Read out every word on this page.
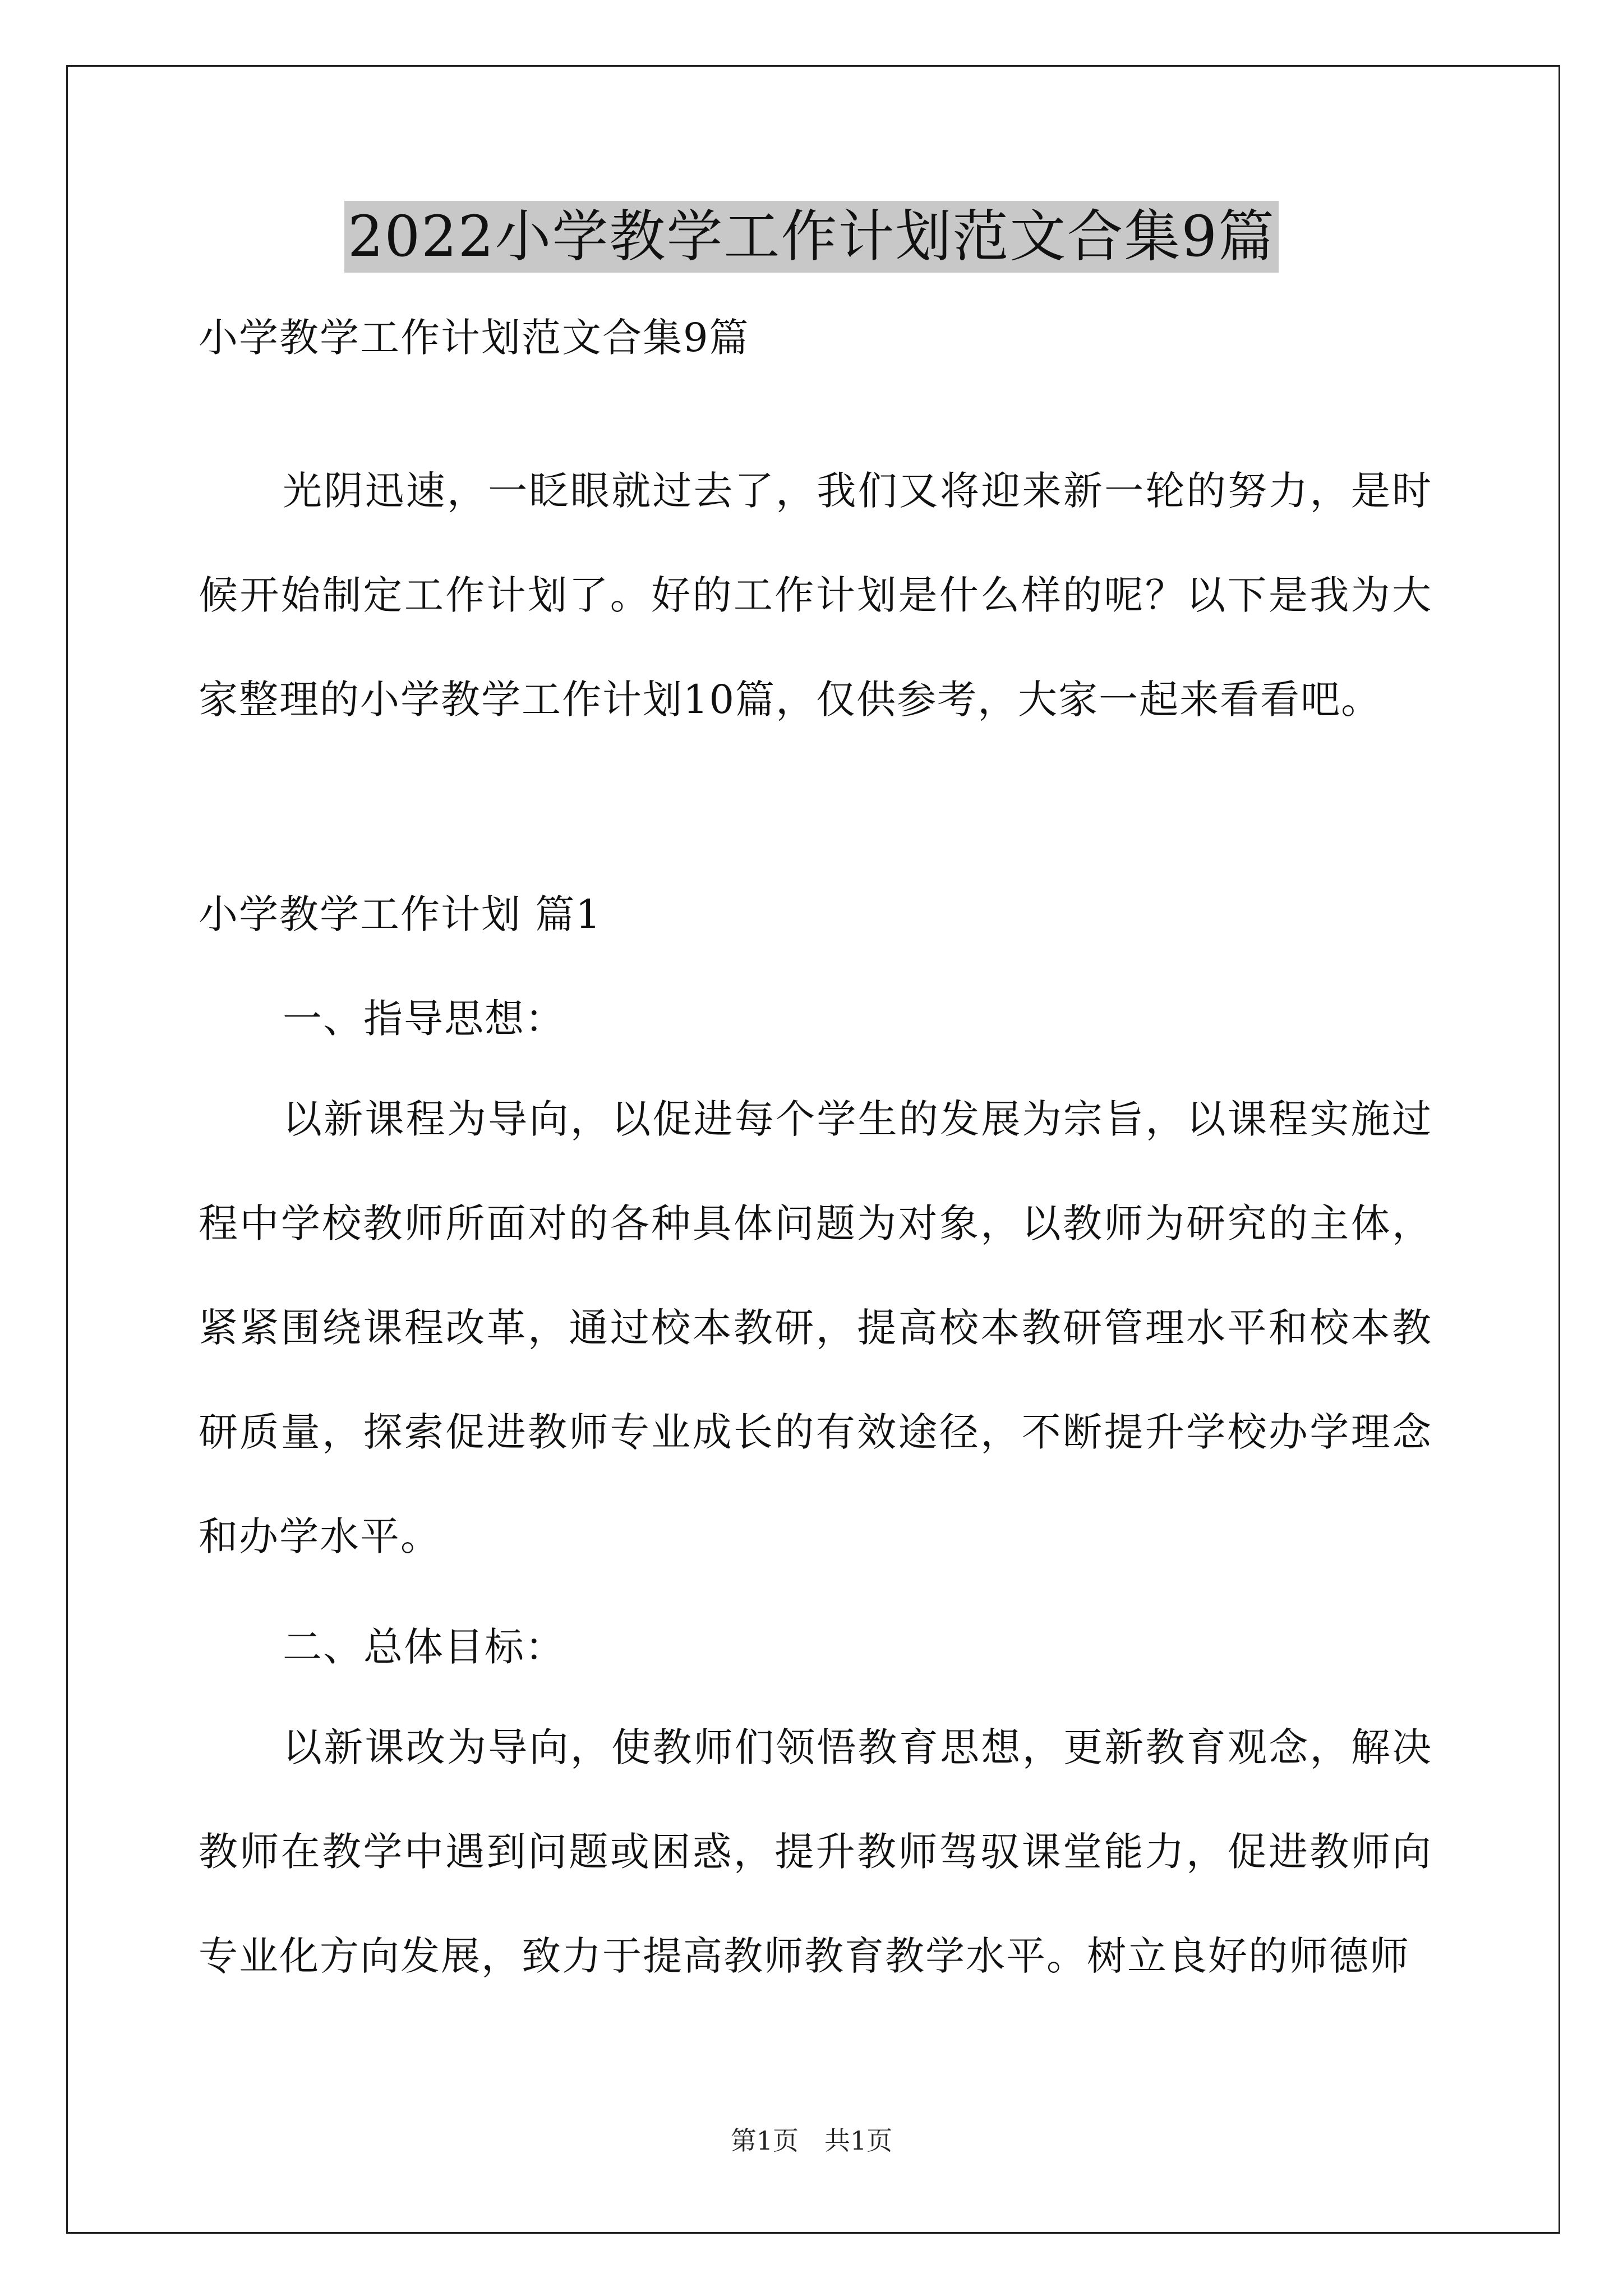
2022小学教学工作计划范文合集9篇
小学教学工作计划范文合集9篇

光阴迅速，一眨眼就过去了，我们又将迎来新一轮的努力，是时候开始制定工作计划了。好的工作计划是什么样的呢？以下是我为大家整理的小学教学工作计划10篇，仅供参考，大家一起来看看吧。

小学教学工作计划 篇1
一、指导思想：

以新课程为导向，以促进每个学生的发展为宗旨，以课程实施过程中学校教师所面对的各种具体问题为对象，以教师为研究的主体，紧紧围绕课程改革，通过校本教研，提高校本教研管理水平和校本教研质量，探索促进教师专业成长的有效途径，不断提升学校办学理念和办学水平。

二、总体目标：

以新课改为导向，使教师们领悟教育思想，更新教育观念，解决教师在教学中遇到问题或困惑，提升教师驾驭课堂能力，促进教师向专业化方向发展，致力于提高教师教育教学水平。树立良好的师德师

第1页　共1页
